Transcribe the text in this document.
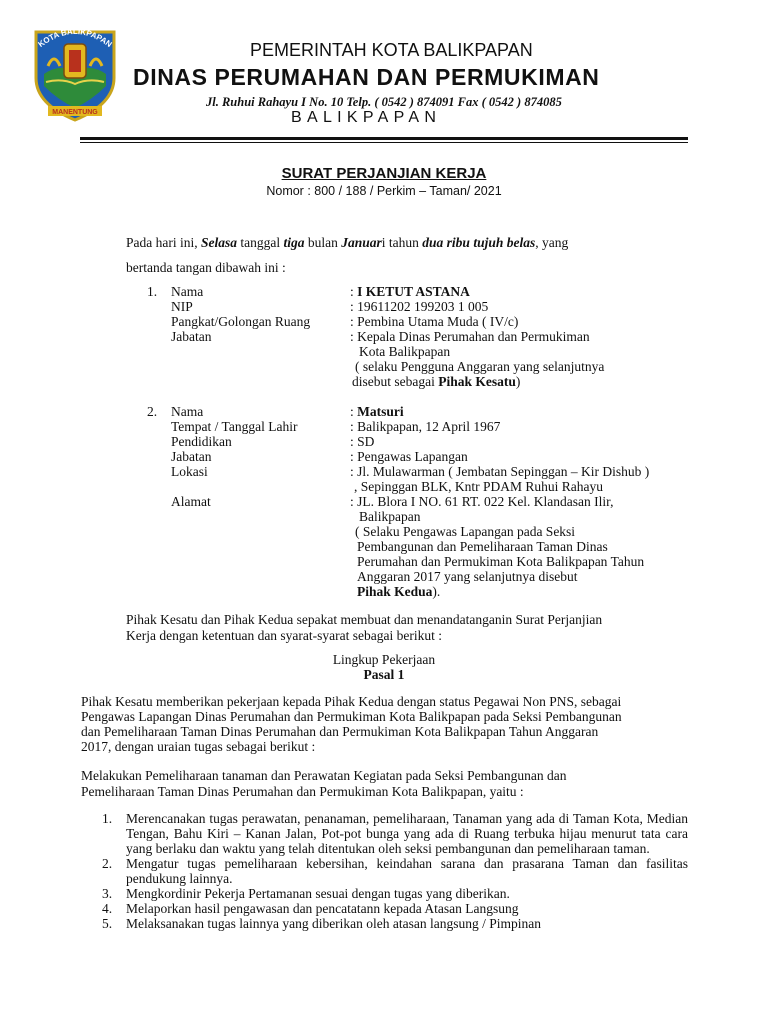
KOTA BALIKPAPAN
MANENTUNG
PEMERINTAH KOTA BALIKPAPAN
DINAS PERUMAHAN DAN PERMUKIMAN
Jl. Ruhui Rahayu I No. 10 Telp. ( 0542 ) 874091 Fax ( 0542 ) 874085
BALIKPAPAN
SURAT PERJANJIAN KERJA
Nomor : 800 / 188 / Perkim – Taman/ 2021
Pada hari ini, Selasa tanggal tiga bulan Januari tahun dua ribu tujuh belas, yang
bertanda tangan dibawah ini :
1. Nama
NIP
Pangkat/Golongan Ruang
Jabatan
: I KETUT ASTANA
: 19611202 199203 1 005
: Pembina Utama Muda ( IV/c)
: Kepala Dinas Perumahan dan Permukiman
Kota Balikpapan
( selaku Pengguna Anggaran yang selanjutnya
disebut sebagai Pihak Kesatu)
2. Nama
Tempat / Tanggal Lahir
Pendidikan
Jabatan
Lokasi
Alamat
: Matsuri
: Balikpapan, 12 April 1967
: SD
: Pengawas Lapangan
: Jl. Mulawarman ( Jembatan Sepinggan – Kir Dishub )
, Sepinggan BLK, Kntr PDAM Ruhui Rahayu
: JL. Blora I NO. 61 RT. 022 Kel. Klandasan Ilir,
Balikpapan
( Selaku Pengawas Lapangan pada Seksi
Pembangunan dan Pemeliharaan Taman Dinas
Perumahan dan Permukiman Kota Balikpapan Tahun
Anggaran 2017 yang selanjutnya disebut
Pihak Kedua).
Pihak Kesatu dan Pihak Kedua sepakat membuat dan menandatanganin Surat Perjanjian
Kerja dengan ketentuan dan syarat-syarat sebagai berikut :
Lingkup Pekerjaan
Pasal 1
Pihak Kesatu memberikan pekerjaan kepada Pihak Kedua dengan status Pegawai Non PNS, sebagai
Pengawas Lapangan Dinas Perumahan dan Permukiman Kota Balikpapan pada Seksi Pembangunan
dan Pemeliharaan Taman Dinas Perumahan dan Permukiman Kota Balikpapan Tahun Anggaran
2017, dengan uraian tugas sebagai berikut :
Melakukan Pemeliharaan tanaman dan Perawatan Kegiatan pada Seksi Pembangunan dan
Pemeliharaan Taman Dinas Perumahan dan Permukiman Kota Balikpapan, yaitu :
1. Merencanakan tugas perawatan, penanaman, pemeliharaan, Tanaman yang ada di Taman Kota, Median Tengan, Bahu Kiri – Kanan Jalan, Pot-pot bunga yang ada di Ruang terbuka hijau menurut tata cara yang berlaku dan waktu yang telah ditentukan oleh seksi pembangunan dan pemeliharaan taman.
2. Mengatur tugas pemeliharaan kebersihan, keindahan sarana dan prasarana Taman dan fasilitas pendukung lainnya.
3. Mengkordinir Pekerja Pertamanan sesuai dengan tugas yang diberikan.
4. Melaporkan hasil pengawasan dan pencatatann kepada Atasan Langsung
5. Melaksanakan tugas lainnya yang diberikan oleh atasan langsung / Pimpinan
